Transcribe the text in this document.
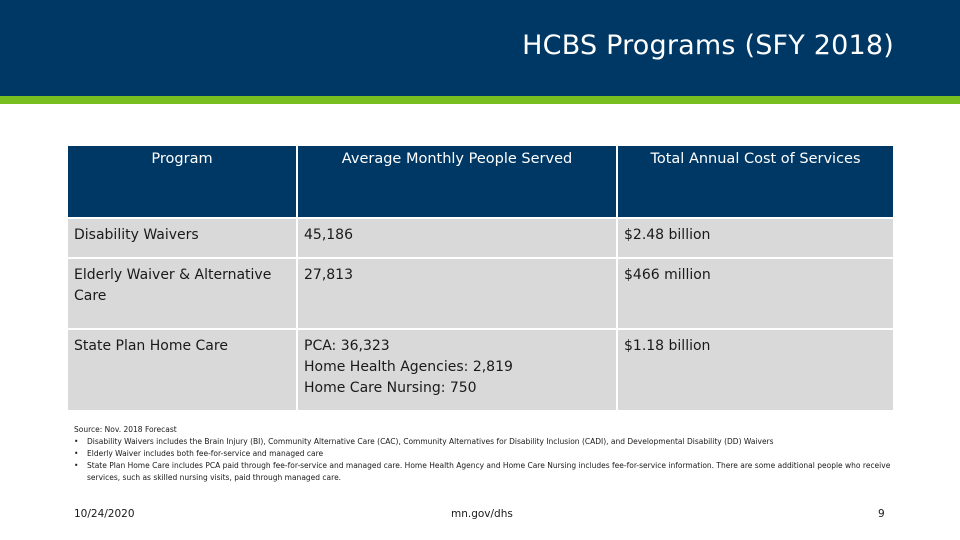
HCBS Programs (SFY 2018)
Program	Average Monthly People Served	Total Annual Cost of Services
Disability Waivers	45,186	$2.48 billion
Elderly Waiver & Alternative Care	27,813	$466 million
State Plan Home Care	PCA: 36,323
Home Health Agencies: 2,819
Home Care Nursing: 750	$1.18 billion
Source: Nov. 2018 Forecast
• Disability Waivers includes the Brain Injury (BI), Community Alternative Care (CAC), Community Alternatives for Disability Inclusion (CADI), and Developmental Disability (DD) Waivers
• Elderly Waiver includes both fee-for-service and managed care
• State Plan Home Care includes PCA paid through fee-for-service and managed care. Home Health Agency and Home Care Nursing includes fee-for-service information. There are some additional people who receive services, such as skilled nursing visits, paid through managed care.
10/24/2020	mn.gov/dhs	9
